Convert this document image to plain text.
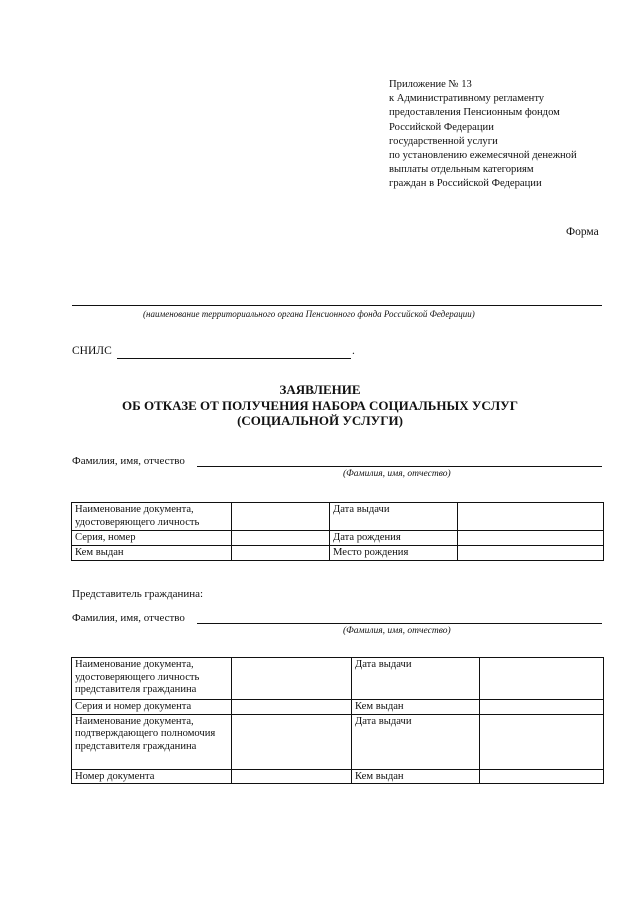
Приложение № 13
к Административному регламенту
предоставления Пенсионным фондом
Российской Федерации
государственной услуги
по установлению ежемесячной денежной
выплаты отдельным категориям
граждан в Российской Федерации
Форма
(наименование территориального органа Пенсионного фонда Российской Федерации)
СНИЛС	.
ЗАЯВЛЕНИЕ
ОБ ОТКАЗЕ ОТ ПОЛУЧЕНИЯ НАБОРА СОЦИАЛЬНЫХ УСЛУГ
(СОЦИАЛЬНОЙ УСЛУГИ)
Фамилия, имя, отчество
(Фамилия, имя, отчество)
Наименование документа, удостоверяющего личность		Дата выдачи	
Серия, номер		Дата рождения	
Кем выдан		Место рождения	
Представитель гражданина:
Фамилия, имя, отчество
(Фамилия, имя, отчество)
Наименование документа, удостоверяющего личность представителя гражданина		Дата выдачи	
Серия и номер документа		Кем выдан	
Наименование документа, подтверждающего полномочия представителя гражданина		Дата выдачи	
Номер документа		Кем выдан	
